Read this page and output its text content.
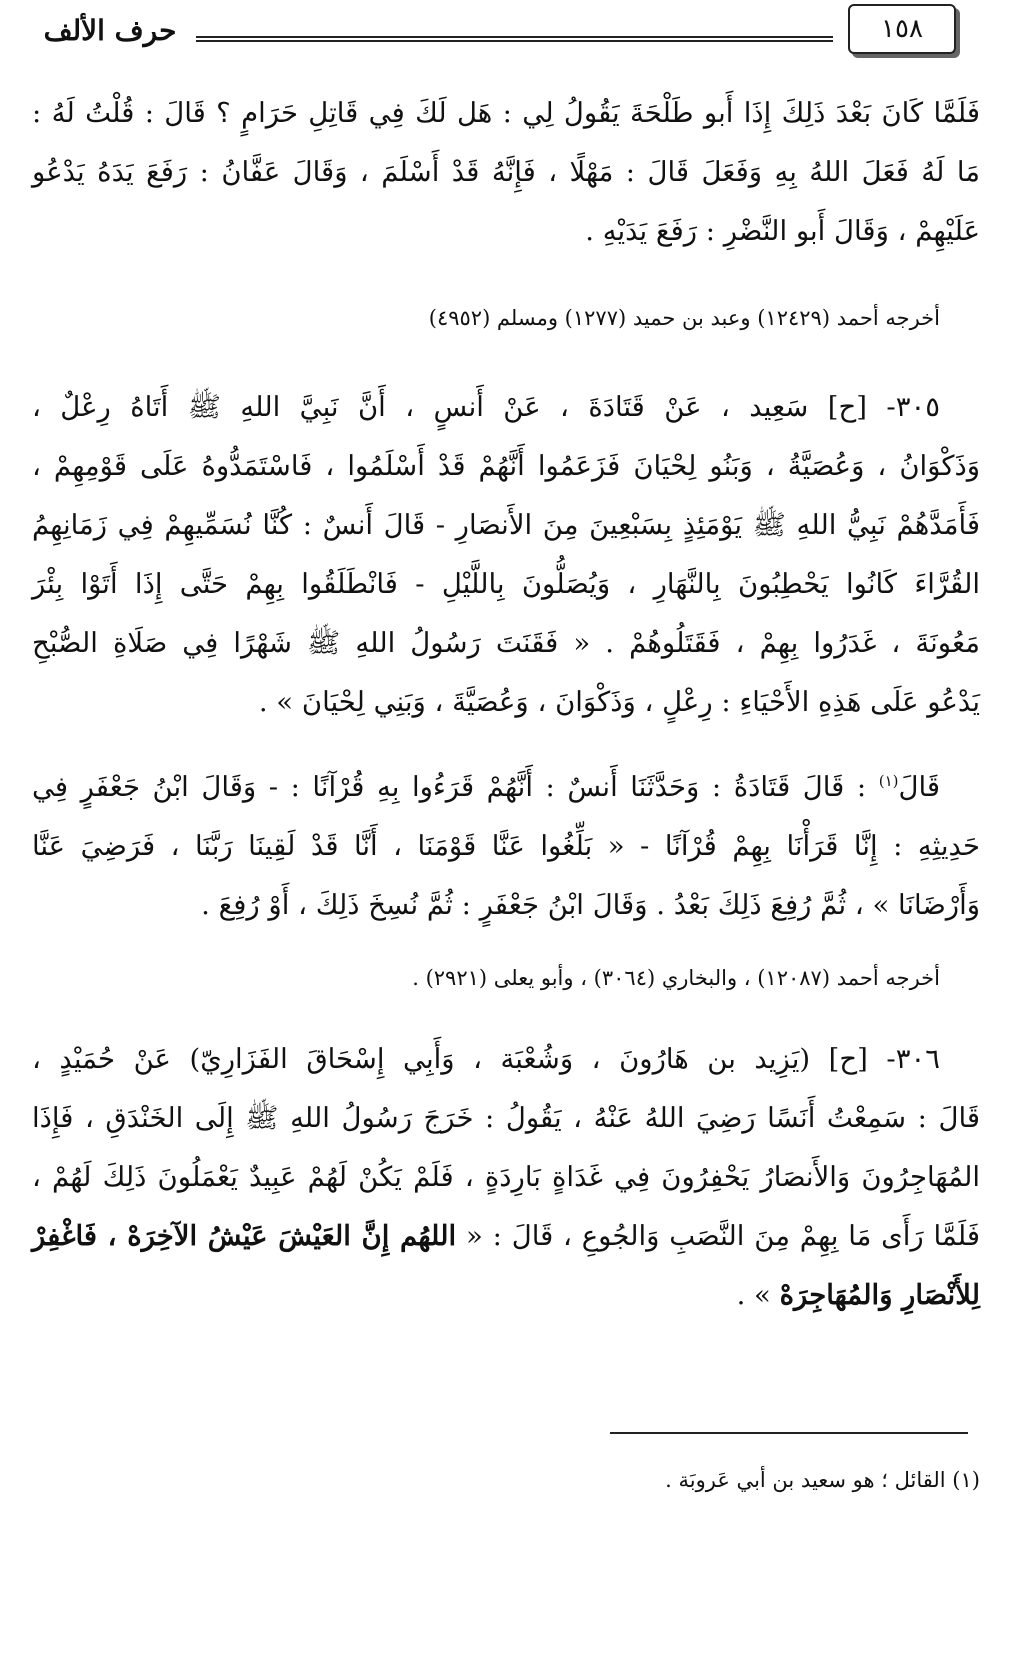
١٥٨
حرف الألف
فَلَمَّا كَانَ بَعْدَ ذَلِكَ إِذَا أَبو طَلْحَةَ يَقُولُ لِي : هَل لَكَ فِي قَاتِلِ حَرَامٍ ؟ قَالَ : قُلْتُ لَهُ :
مَا لَهُ فَعَلَ اللهُ بِهِ وَفَعَلَ قَالَ : مَهْلًا ، فَإِنَّهُ قَدْ أَسْلَمَ ، وَقَالَ عَفَّانُ : رَفَعَ يَدَهُ يَدْعُو
عَلَيْهِمْ ، وَقَالَ أَبو النَّضْرِ : رَفَعَ يَدَيْهِ .
أخرجه أحمد (١٢٤٢٩) وعبد بن حميد (١٢٧٧) ومسلم (٤٩٥٢)
٣٠٥- [ح] سَعِيد ، عَنْ قَتَادَةَ ، عَنْ أَنسٍ ، أَنَّ نَبِيَّ اللهِ ﷺ أَتَاهُ رِعْلٌ ،
وَذَكْوَانُ ، وَعُصَيَّةُ ، وَبَنُو لِحْيَانَ فَزَعَمُوا أَنَّهُمْ قَدْ أَسْلَمُوا ، فَاسْتَمَدُّوهُ عَلَى قَوْمِهِمْ ،
فَأَمَدَّهُمْ نَبِيُّ اللهِ ﷺ يَوْمَئِذٍ بِسَبْعِينَ مِنَ الأَنصَارِ - قَالَ أَنسٌ : كُنَّا نُسَمِّيهِمْ فِي زَمَانِهِمُ
القُرَّاءَ كَانُوا يَحْطِبُونَ بِالنَّهَارِ ، وَيُصَلُّونَ بِاللَّيْلِ - فَانْطَلَقُوا بِهِمْ حَتَّى إِذَا أَتَوْا بِئْرَ
مَعُونَةَ ، غَدَرُوا بِهِمْ ، فَقَتَلُوهُمْ . « فَقَنَتَ رَسُولُ اللهِ ﷺ شَهْرًا فِي صَلَاةِ الصُّبْحِ
يَدْعُو عَلَى هَذِهِ الأَحْيَاءِ : رِعْلٍ ، وَذَكْوَانَ ، وَعُصَيَّةَ ، وَبَنِي لِحْيَانَ » .
قَالَ$^{(١)}$ : قَالَ قَتَادَةُ : وَحَدَّثَنَا أَنسٌ : أَنَّهُمْ قَرَءُوا بِهِ قُرْآنًا : - وَقَالَ ابْنُ جَعْفَرٍ فِي
حَدِيثِهِ : إِنَّا قَرَأْنَا بِهِمْ قُرْآنًا - « بَلِّغُوا عَنَّا قَوْمَنَا ، أَنَّا قَدْ لَقِينَا رَبَّنَا ، فَرَضِيَ عَنَّا
وَأَرْضَانَا » ، ثُمَّ رُفِعَ ذَلِكَ بَعْدُ . وَقَالَ ابْنُ جَعْفَرٍ : ثُمَّ نُسِخَ ذَلِكَ ، أَوْ رُفِعَ .
أخرجه أحمد (١٢٠٨٧) ، والبخاري (٣٠٦٤) ، وأبو يعلى (٢٩٢١) .
٣٠٦- [ح] (يَزِيد بن هَارُونَ ، وَشُعْبَة ، وَأَبِي إِسْحَاقَ الفَزَارِيّ) عَنْ حُمَيْدٍ ،
قَالَ : سَمِعْتُ أَنَسًا رَضِيَ اللهُ عَنْهُ ، يَقُولُ : خَرَجَ رَسُولُ اللهِ ﷺ إِلَى الخَنْدَقِ ، فَإِذَا
المُهَاجِرُونَ وَالأَنصَارُ يَحْفِرُونَ فِي غَدَاةٍ بَارِدَةٍ ، فَلَمْ يَكُنْ لَهُمْ عَبِيدٌ يَعْمَلُونَ ذَلِكَ لَهُمْ ،
فَلَمَّا رَأَى مَا بِهِمْ مِنَ النَّصَبِ وَالجُوعِ ، قَالَ : « اللهُم إِنَّ العَيْشَ عَيْشُ الآخِرَهْ ، فَاغْفِرْ
لِلأَنْصَارِ وَالمُهَاجِرَهْ » .
(١) القائل ؛ هو سعيد بن أبي عَروبَة .
